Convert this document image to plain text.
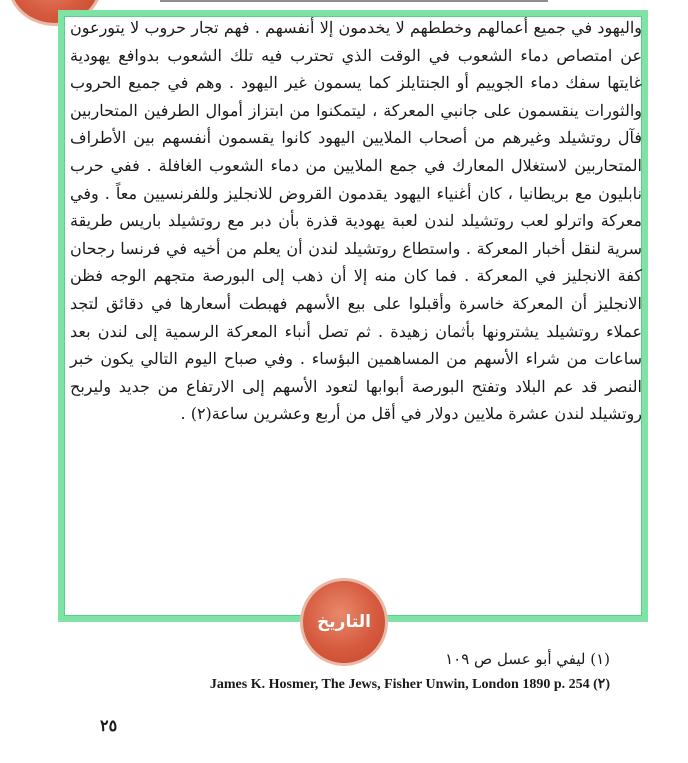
واليهود في جميع أعمالهم وخططهم لا يخدمون إلا أنفسهم . فهم تجار حروب لا يتورعون عن امتصاص دماء الشعوب في الوقت الذي تحترب فيه تلك الشعوب بدوافع يهودية غايتها سفك دماء الجوييم أو الجنتايلز كما يسمون غير اليهود . وهم في جميع الحروب والثورات ينقسمون على جانبي المعركة ، ليتمكنوا من ابتزاز أموال الطرفين المتحاربين فآل روتشيلد وغيرهم من أصحاب الملايين اليهود كانوا يقسمون أنفسهم بين الأطراف المتحاربين لاستغلال المعارك في جمع الملايين من دماء الشعوب الغافلة . ففي حرب نابليون مع بريطانيا ، كان أغنياء اليهود يقدمون القروض للانجليز وللفرنسيين معاً . وفي معركة واترلو لعب روتشيلد لندن لعبة يهودية قذرة بأن دبر مع روتشيلد باريس طريقة سرية لنقل أخبار المعركة . واستطاع روتشيلد لندن أن يعلم من أخيه في فرنسا رجحان كفة الانجليز في المعركة . فما كان منه إلا أن ذهب إلى البورصة متجهم الوجه فظن الانجليز أن المعركة خاسرة وأقبلوا على بيع الأسهم فهبطت أسعارها في دقائق لتجد عملاء روتشيلد يشترونها بأثمان زهيدة . ثم تصل أنباء المعركة الرسمية إلى لندن بعد ساعات من شراء الأسهم من المساهمين البؤساء . وفي صباح اليوم التالي يكون خبر النصر قد عم البلاد وتفتح البورصة أبوابها لتعود الأسهم إلى الارتفاع من جديد وليربح روتشيلد لندن عشرة ملايين دولار في أقل من أربع وعشرين ساعة(٢) .

التاريخ
(١) ليفي أبو عسل ص ١٠٩
James K. Hosmer, The Jews, Fisher Unwin, London 1890 p. 254 (٢)
٢٥
